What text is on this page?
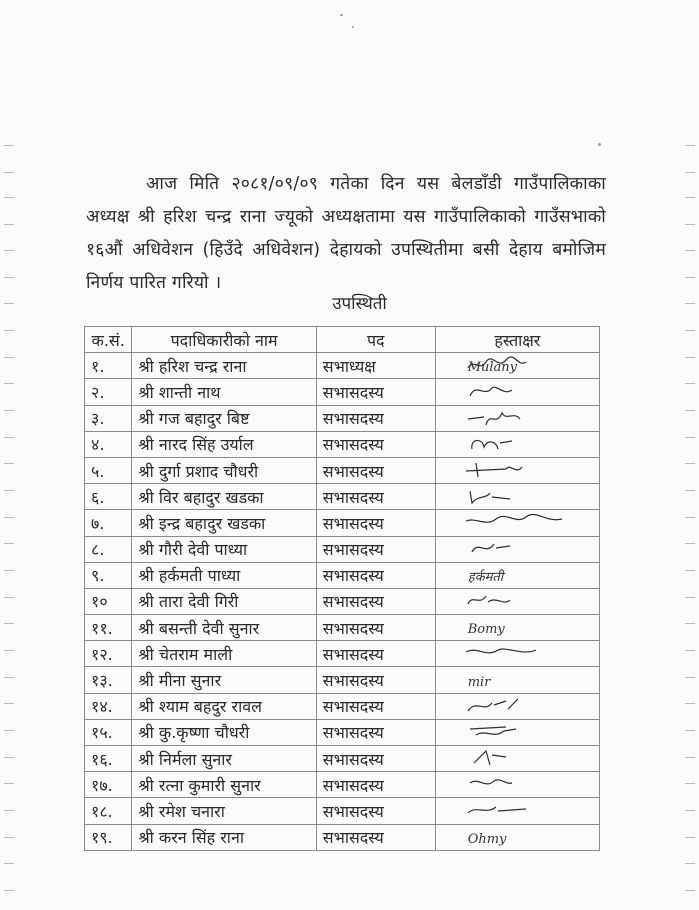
आज मिति २०८१/०९/०९ गतेका दिन यस बेलडाँडी गाउँपालिकाका अध्यक्ष श्री हरिश चन्द्र राना ज्यूको अध्यक्षतामा यस गाउँपालिकाको गाउँसभाको १६औं अधिवेशन (हिउँदे अधिवेशन) देहायको उपस्थितीमा बसी देहाय बमोजिम निर्णय पारित गरियो ।

उपस्थिती
क.सं.	पदाधिकारीको नाम	पद	हस्ताक्षर
१.	श्री हरिश चन्द्र राना	सभाध्यक्ष	Mulany

२.	श्री शान्ती नाथ	सभासदस्य	

३.	श्री गज बहादुर बिष्ट	सभासदस्य	

४.	श्री नारद सिंह उर्याल	सभासदस्य	

५.	श्री दुर्गा प्रशाद चौधरी	सभासदस्य	

६.	श्री विर बहादुर खडका	सभासदस्य	

७.	श्री इन्द्र बहादुर खडका	सभासदस्य	

८.	श्री गौरी देवी पाध्या	सभासदस्य	

९.	श्री हर्कमती पाध्या	सभासदस्य	हर्कमती
१०	श्री तारा देवी गिरी	सभासदस्य	

११.	श्री बसन्ती देवी सुनार	सभासदस्य	Bomy
१२.	श्री चेतराम माली	सभासदस्य	

१३.	श्री मीना सुनार	सभासदस्य	mir
१४.	श्री श्याम बहदुर रावल	सभासदस्य	

१५.	श्री कु.कृष्णा चौधरी	सभासदस्य	

१६.	श्री निर्मला सुनार	सभासदस्य	

१७.	श्री रत्ना कुमारी सुनार	सभासदस्य	

१८.	श्री रमेश चनारा	सभासदस्य	

१९.	श्री करन सिंह राना	सभासदस्य	Ohmy
